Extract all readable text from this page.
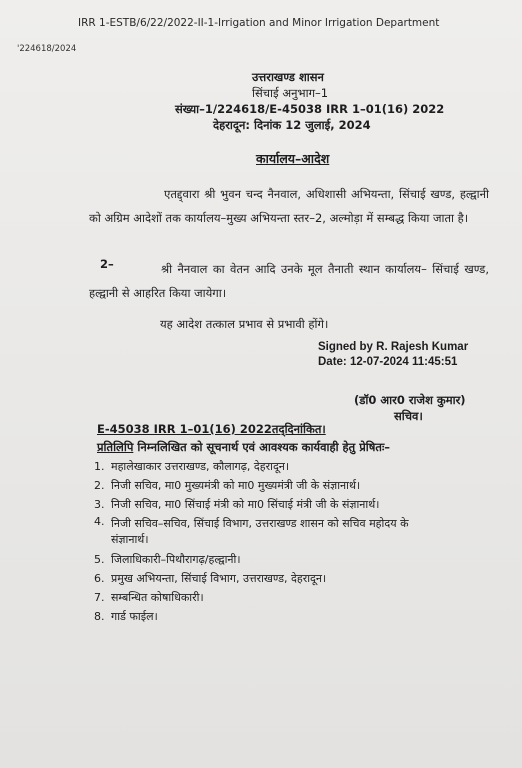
IRR 1-ESTB/6/22/2022-II-1-Irrigation and Minor Irrigation Department
'224618/2024
उत्तराखण्ड शासन
सिंचाई अनुभाग–1
संख्या–1/224618/E-45038 IRR 1–01(16) 2022
देहरादून: दिनांक 12 जुलाई, 2024
कार्यालय–आदेश
एतद्द्वारा श्री भुवन चन्द नैनवाल, अधिशासी अभियन्ता, सिंचाई खण्ड, हल्द्वानी को अग्रिम आदेशों तक कार्यालय–मुख्य अभियन्ता स्तर–2, अल्मोड़ा में सम्बद्ध किया जाता है।
2–	श्री नैनवाल का वेतन आदि उनके मूल तैनाती स्थान कार्यालय– सिंचाई खण्ड, हल्द्वानी से आहरित किया जायेगा।
यह आदेश तत्काल प्रभाव से प्रभावी होंगे।
Signed by R. Rajesh Kumar
Date: 12-07-2024 11:45:51
(डॉ0 आर0 राजेश कुमार)
सचिव।
E-45038 IRR 1–01(16) 2022तद्‌दिनांकित।
प्रतिलिपि निम्नलिखित को सूचनार्थ एवं आवश्यक कार्यवाही हेतु प्रेषितः–
1. महालेखाकार उत्तराखण्ड, कौलागढ़, देहरादून।
2. निजी सचिव, मा0 मुख्यमंत्री को मा0 मुख्यमंत्री जी के संज्ञानार्थ।
3. निजी सचिव, मा0 सिंचाई मंत्री को मा0 सिंचाई मंत्री जी के संज्ञानार्थ।
4. निजी सचिव–सचिव, सिंचाई विभाग, उत्तराखण्ड शासन को सचिव महोदय के
संज्ञानार्थ।
5. जिलाधिकारी–पिथौरागढ़/हल्द्वानी।
6. प्रमुख अभियन्ता, सिंचाई विभाग, उत्तराखण्ड, देहरादून।
7. सम्बन्धित कोषाधिकारी।
8. गार्ड फाईल।
